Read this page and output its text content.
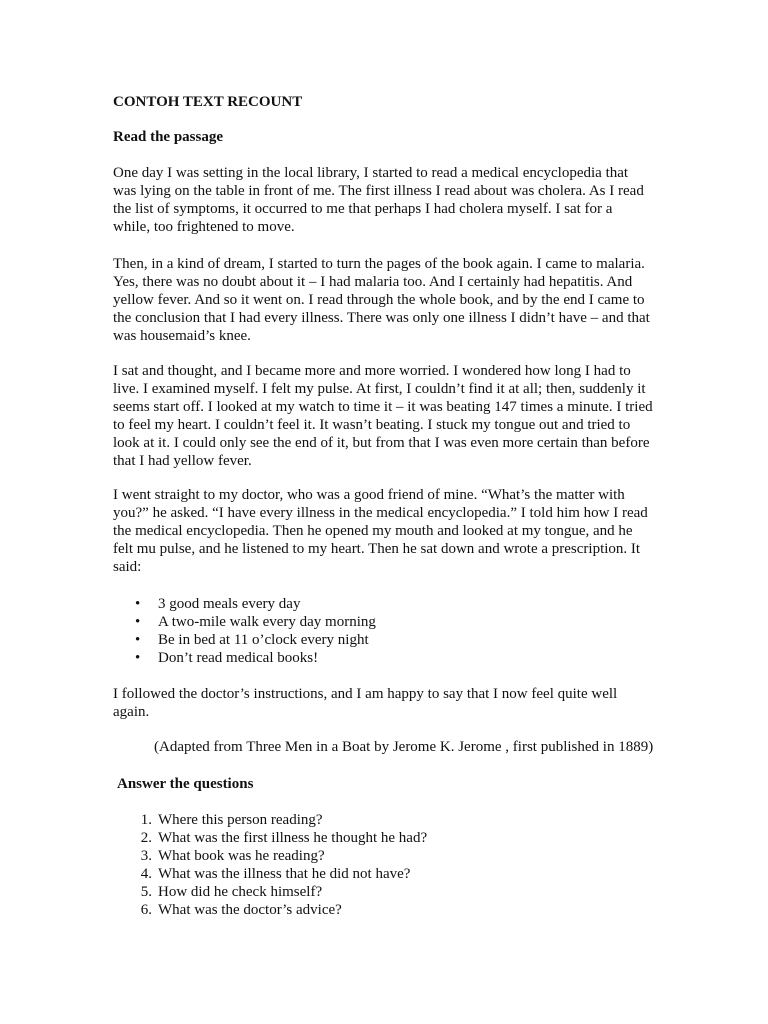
CONTOH TEXT RECOUNT
Read the passage

One day I was setting in the local library, I started to read a medical encyclopedia that
was lying on the table in front of me. The first illness I read about was cholera. As I read
the list of symptoms, it occurred to me that perhaps I had cholera myself. I sat for a
while, too frightened to move.

Then, in a kind of dream, I started to turn the pages of the book again. I came to malaria.
Yes, there was no doubt about it – I had malaria too. And I certainly had hepatitis. And
yellow fever. And so it went on. I read through the whole book, and by the end I came to
the conclusion that I had every illness. There was only one illness I didn’t have – and that
was housemaid’s knee.

I sat and thought, and I became more and more worried. I wondered how long I had to
live. I examined myself. I felt my pulse. At first, I couldn’t find it at all; then, suddenly it
seems start off. I looked at my watch to time it – it was beating 147 times a minute. I tried
to feel my heart. I couldn’t feel it. It wasn’t beating. I stuck my tongue out and tried to
look at it. I could only see the end of it, but from that I was even more certain than before
that I had yellow fever.

I went straight to my doctor, who was a good friend of mine. “What’s the matter with
you?” he asked. “I have every illness in the medical encyclopedia.” I told him how I read
the medical encyclopedia. Then he opened my mouth and looked at my tongue, and he
felt mu pulse, and he listened to my heart. Then he sat down and wrote a prescription. It
said:

• 3 good meals every day
• A two-mile walk every day morning
• Be in bed at 11 o’clock every night
• Don’t read medical books!

I followed the doctor’s instructions, and I am happy to say that I now feel quite well
again.

(Adapted from Three Men in a Boat by Jerome K. Jerome , first published in 1889)
Answer the questions
1. Where this person reading?
2. What was the first illness he thought he had?
3. What book was he reading?
4. What was the illness that he did not have?
5. How did he check himself?
6. What was the doctor’s advice?
